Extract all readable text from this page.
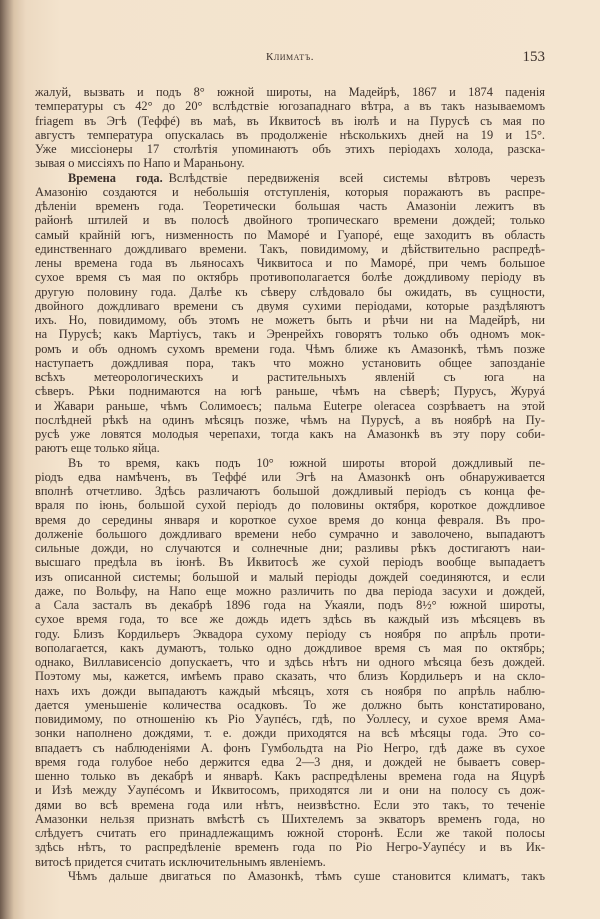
Климатъ.	153
жалуй, вызвать и подъ 8° южной широты, на Мадейрѣ, 1867 и 1874 паденія
температуры съ 42° до 20° вслѣдствіе югозападнаго вѣтра, а въ такъ называемомъ
friagem въ Эгѣ (Теффé) въ маѣ, въ Иквитосѣ въ іюлѣ и на Пурусѣ съ мая по
августъ температура опускалась въ продолженіе нѣсколькихъ дней на 19 и 15°.
Уже миссіонеры 17 столѣтія упоминаютъ объ этихъ періодахъ холода, разска-
зывая о миссіяхъ по Напо и Мараньону.
Времена года. Вслѣдствіе передвиженія всей системы вѣтровъ черезъ
Амазонію создаются и небольшія отступленія, которыя поражаютъ въ распре-
дѣленіи временъ года. Теоретически большая часть Амазоніи лежитъ въ
районѣ штилей и въ полосѣ двойного тропическаго времени дождей; только
самый крайній югъ, низменность по Маморé и Гуапорé, еще заходитъ въ область
единственнаго дождливаго времени. Такъ, повидимому, и дѣйствительно распредѣ-
лены времена года въ льяносахъ Чиквитоса и по Маморé, при чемъ большое
сухое время съ мая по октябрь противополагается болѣе дождливому періоду въ
другую половину года. Далѣе къ сѣверу слѣдовало бы ожидать, въ сущности,
двойного дождливаго времени съ двумя сухими періодами, которые раздѣляютъ
ихъ. Но, повидимому, объ этомъ не можетъ быть и рѣчи ни на Мадейрѣ, ни
на Пурусѣ; какъ Мартіусъ, такъ и Эренрейхъ говорятъ только объ одномъ мок-
ромъ и объ одномъ сухомъ времени года. Чѣмъ ближе къ Амазонкѣ, тѣмъ позже
наступаетъ дождливая пора, такъ что можно установить общее запозданіе
всѣхъ метеорологическихъ и растительныхъ явленій съ юга на
сѣверъ. Рѣки поднимаются на югѣ раньше, чѣмъ на сѣверѣ; Пурусъ, Журуá
и Жавари раньше, чѣмъ Солимоесъ; пальма Euterpe oleracea созрѣваетъ на этой
послѣдней рѣкѣ на одинъ мѣсяцъ позже, чѣмъ на Пурусѣ, а въ ноябрѣ на Пу-
русѣ уже ловятся молодыя черепахи, тогда какъ на Амазонкѣ въ эту пору соби-
раютъ еще только яйца.
Въ то время, какъ подъ 10° южной широты второй дождливый пе-
ріодъ едва намѣченъ, въ Теффé или Эгѣ на Амазонкѣ онъ обнаруживается
вполнѣ отчетливо. Здѣсь различаютъ большой дождливый періодъ съ конца фе-
враля по іюнь, большой сухой періодъ до половины октября, короткое дождливое
время до середины января и короткое сухое время до конца февраля. Въ про-
долженіе большого дождливаго времени небо сумрачно и заволочено, выпадаютъ
сильные дожди, но случаются и солнечные дни; разливы рѣкъ достигаютъ наи-
высшаго предѣла въ іюнѣ. Въ Иквитосѣ же сухой періодъ вообще выпадаетъ
изъ описанной системы; большой и малый періоды дождей соединяются, и если
даже, по Вольфу, на Напо еще можно различить по два періода засухи и дождей,
а Сала засталъ въ декабрѣ 1896 года на Укаяли, подъ 8½° южной широты,
сухое время года, то все же дождь идетъ здѣсь въ каждый изъ мѣсяцевъ въ
году. Близъ Кордильеръ Эквадора сухому періоду съ ноября по апрѣль проти-
вополагается, какъ думаютъ, только одно дождливое время съ мая по октябрь;
однако, Виллависенсіо допускаетъ, что и здѣсь нѣтъ ни одного мѣсяца безъ дождей.
Поэтому мы, кажется, имѣемъ право сказать, что близъ Кордильеръ и на скло-
нахъ ихъ дожди выпадаютъ каждый мѣсяцъ, хотя съ ноября по апрѣль наблю-
дается уменьшеніе количества осадковъ. То же должно быть констатировано,
повидимому, по отношенію къ Ріо Уаупéсъ, гдѣ, по Уоллесу, и сухое время Ама-
зонки наполнено дождями, т. е. дожди приходятся на всѣ мѣсяцы года. Это со-
впадаетъ съ наблюденіями А. фонъ Гумбольдта на Ріо Негро, гдѣ даже въ сухое
время года голубое небо держится едва 2—3 дня, и дождей не бываетъ совер-
шенно только въ декабрѣ и январѣ. Какъ распредѣлены времена года на Яцурѣ
и Изѣ между Уаупéсомъ и Иквитосомъ, приходятся ли и они на полосу съ дож-
дями во всѣ времена года или нѣтъ, неизвѣстно. Если это такъ, то теченіе
Амазонки нельзя признать вмѣстѣ съ Шихтелемъ за экваторъ временъ года, но
слѣдуетъ считать его принадлежащимъ южной сторонѣ. Если же такой полосы
здѣсь нѣтъ, то распредѣленіе временъ года по Ріо Негро-Уаупéсу и въ Ик-
витосѣ придется считать исключительнымъ явленіемъ.
Чѣмъ дальше двигаться по Амазонкѣ, тѣмъ суше становится климатъ, такъ
